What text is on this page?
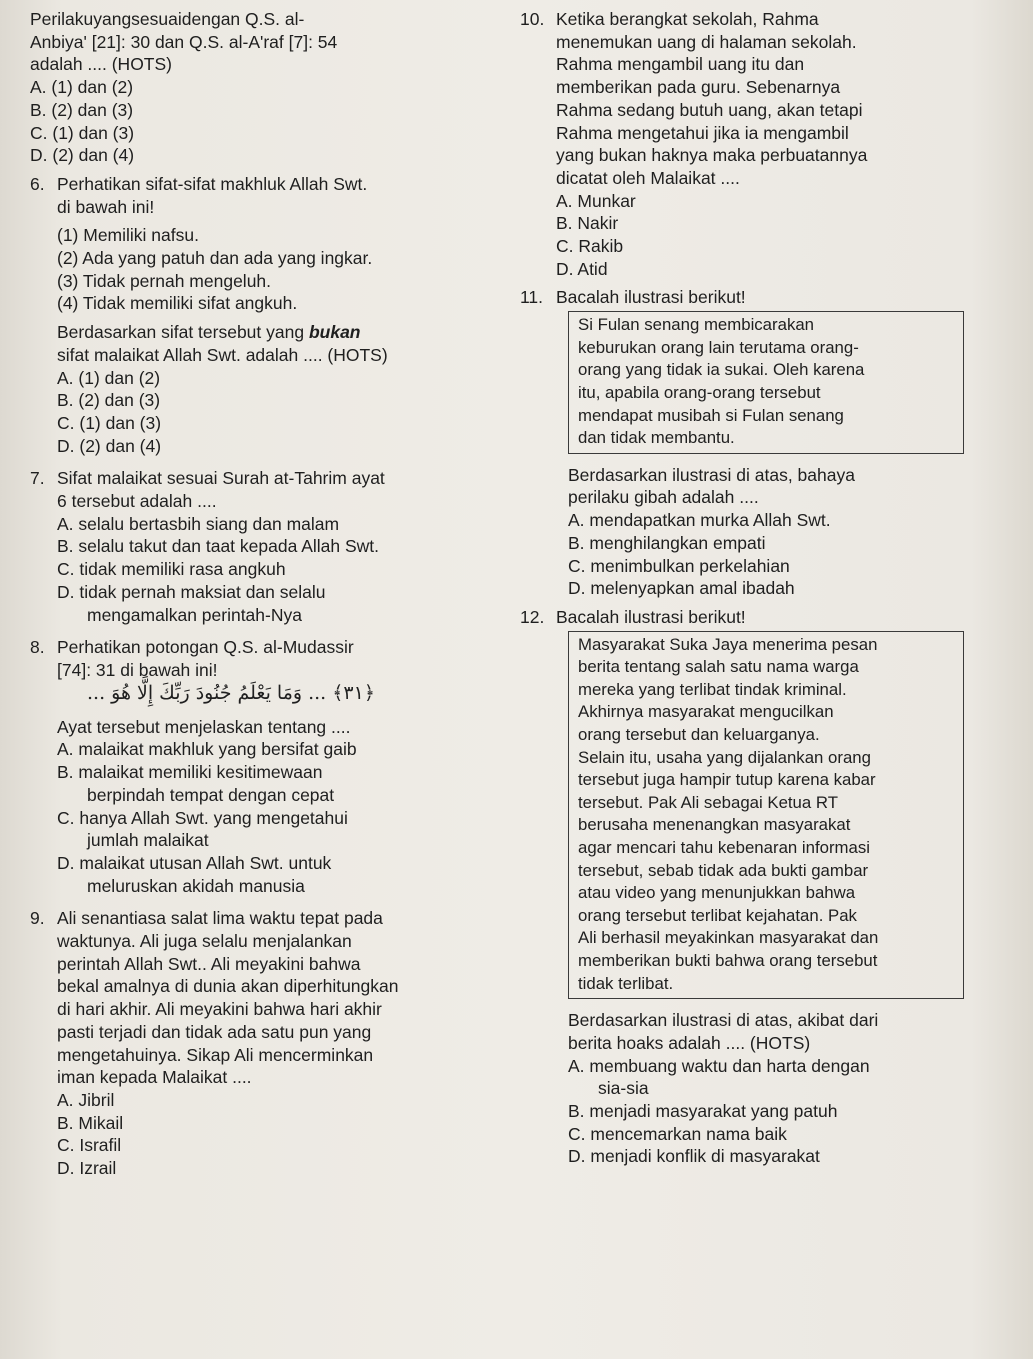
Perilakuyangsesuaidengan Q.S. al-
Anbiya' [21]: 30 dan Q.S. al-A'raf [7]: 54
adalah .... (HOTS)
A. (1) dan (2)
B. (2) dan (3)
C. (1) dan (3)
D. (2) dan (4)
6. Perhatikan sifat-sifat makhluk Allah Swt.
di bawah ini!
(1) Memiliki nafsu.
(2) Ada yang patuh dan ada yang ingkar.
(3) Tidak pernah mengeluh.
(4) Tidak memiliki sifat angkuh.
Berdasarkan sifat tersebut yang bukan
sifat malaikat Allah Swt. adalah .... (HOTS)
A. (1) dan (2)
B. (2) dan (3)
C. (1) dan (3)
D. (2) dan (4)
7. Sifat malaikat sesuai Surah at-Tahrim ayat
6 tersebut adalah ....
A. selalu bertasbih siang dan malam
B. selalu takut dan taat kepada Allah Swt.
C. tidak memiliki rasa angkuh
D. tidak pernah maksiat dan selalu
mengamalkan perintah-Nya
8. Perhatikan potongan Q.S. al-Mudassir
[74]: 31 di bawah ini!
﴿٣١﴾ ... وَمَا يَعْلَمُ جُنُودَ رَبِّكَ إِلَّا هُوَ ...
Ayat tersebut menjelaskan tentang ....
A. malaikat makhluk yang bersifat gaib
B. malaikat memiliki kesitimewaan
berpindah tempat dengan cepat
C. hanya Allah Swt. yang mengetahui
jumlah malaikat
D. malaikat utusan Allah Swt. untuk
meluruskan akidah manusia
9. Ali senantiasa salat lima waktu tepat pada
waktunya. Ali juga selalu menjalankan
perintah Allah Swt.. Ali meyakini bahwa
bekal amalnya di dunia akan diperhitungkan
di hari akhir. Ali meyakini bahwa hari akhir
pasti terjadi dan tidak ada satu pun yang
mengetahuinya. Sikap Ali mencerminkan
iman kepada Malaikat ....
A. Jibril
B. Mikail
C. Israfil
D. Izrail
10. Ketika berangkat sekolah, Rahma
menemukan uang di halaman sekolah.
Rahma mengambil uang itu dan
memberikan pada guru. Sebenarnya
Rahma sedang butuh uang, akan tetapi
Rahma mengetahui jika ia mengambil
yang bukan haknya maka perbuatannya
dicatat oleh Malaikat ....
A. Munkar
B. Nakir
C. Rakib
D. Atid
11. Bacalah ilustrasi berikut!
Si Fulan senang membicarakan
keburukan orang lain terutama orang-
orang yang tidak ia sukai. Oleh karena
itu, apabila orang-orang tersebut
mendapat musibah si Fulan senang
dan tidak membantu.
Berdasarkan ilustrasi di atas, bahaya
perilaku gibah adalah ....
A. mendapatkan murka Allah Swt.
B. menghilangkan empati
C. menimbulkan perkelahian
D. melenyapkan amal ibadah
12. Bacalah ilustrasi berikut!
Masyarakat Suka Jaya menerima pesan
berita tentang salah satu nama warga
mereka yang terlibat tindak kriminal.
Akhirnya masyarakat mengucilkan
orang tersebut dan keluarganya.
Selain itu, usaha yang dijalankan orang
tersebut juga hampir tutup karena kabar
tersebut. Pak Ali sebagai Ketua RT
berusaha menenangkan masyarakat
agar mencari tahu kebenaran informasi
tersebut, sebab tidak ada bukti gambar
atau video yang menunjukkan bahwa
orang tersebut terlibat kejahatan. Pak
Ali berhasil meyakinkan masyarakat dan
memberikan bukti bahwa orang tersebut
tidak terlibat.
Berdasarkan ilustrasi di atas, akibat dari
berita hoaks adalah .... (HOTS)
A. membuang waktu dan harta dengan
sia-sia
B. menjadi masyarakat yang patuh
C. mencemarkan nama baik
D. menjadi konflik di masyarakat
